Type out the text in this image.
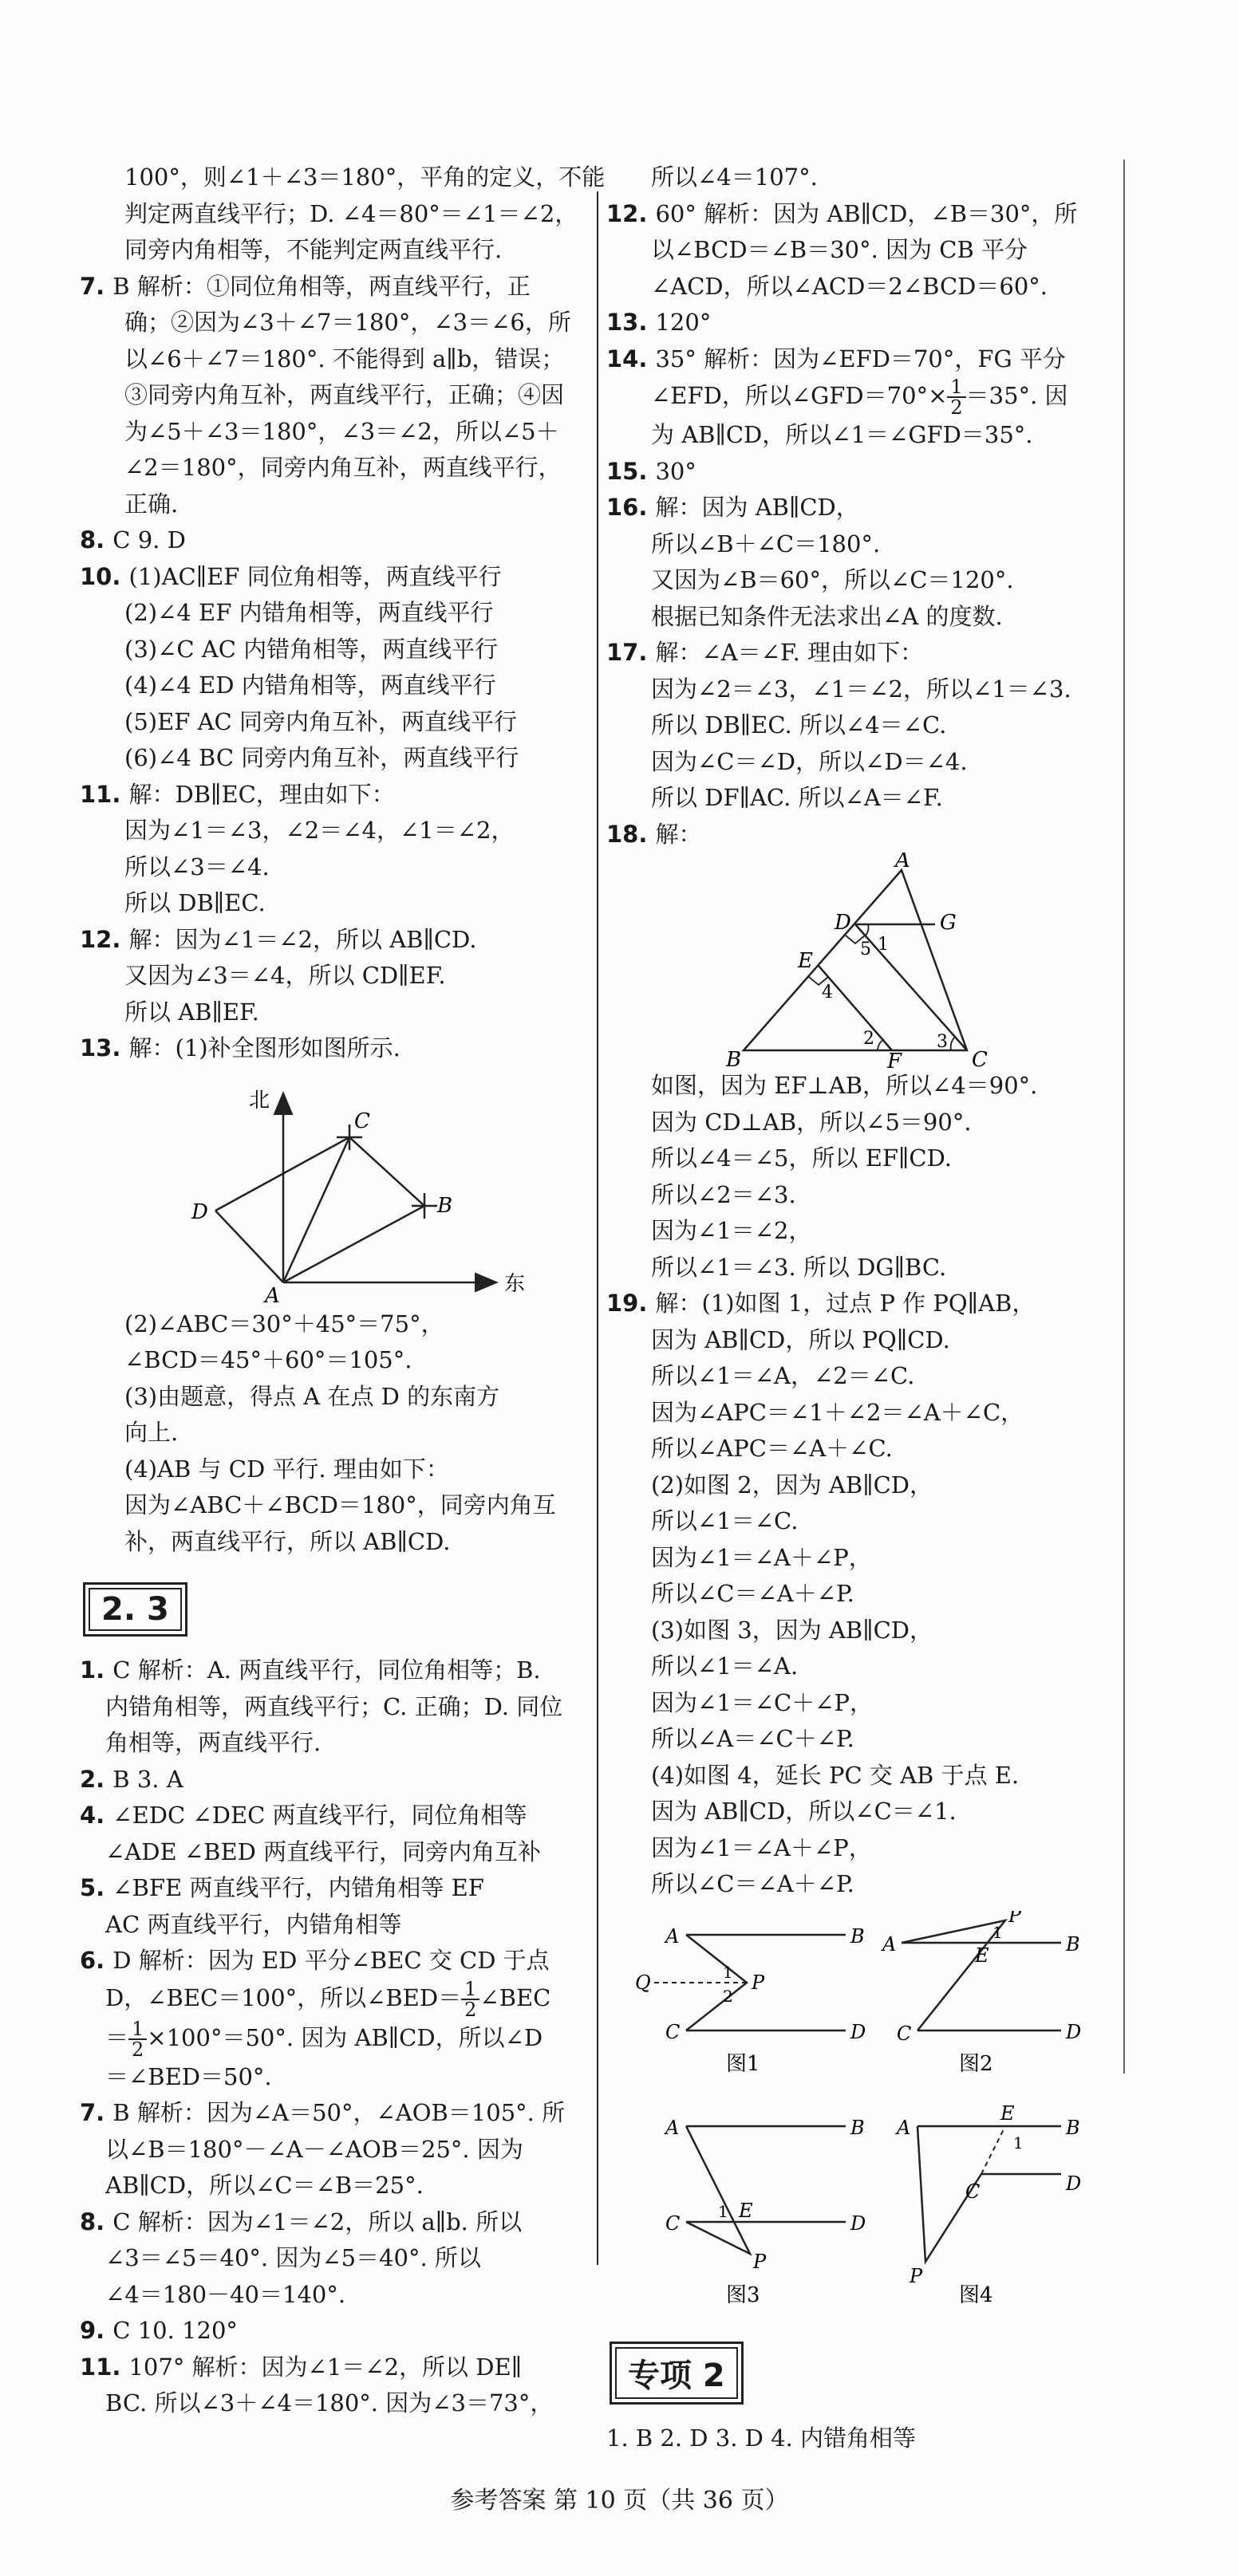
100°，则∠1＋∠3＝180°，平角的定义，不能
判定两直线平行；D. ∠4＝80°＝∠1＝∠2，
同旁内角相等，不能判定两直线平行.
7. B 解析：①同位角相等，两直线平行，正
确；②因为∠3＋∠7＝180°，∠3＝∠6，所
以∠6＋∠7＝180°. 不能得到 a∥b，错误；
③同旁内角互补，两直线平行，正确；④因
为∠5＋∠3＝180°，∠3＝∠2，所以∠5＋
∠2＝180°，同旁内角互补，两直线平行，
正确.
8. C 9. D
10. (1)AC∥EF 同位角相等，两直线平行
(2)∠4 EF 内错角相等，两直线平行
(3)∠C AC 内错角相等，两直线平行
(4)∠4 ED 内错角相等，两直线平行
(5)EF AC 同旁内角互补，两直线平行
(6)∠4 BC 同旁内角互补，两直线平行
11. 解：DB∥EC，理由如下：
因为∠1＝∠3，∠2＝∠4，∠1＝∠2，
所以∠3＝∠4.
所以 DB∥EC.
12. 解：因为∠1＝∠2，所以 AB∥CD.
又因为∠3＝∠4，所以 CD∥EF.
所以 AB∥EF.
13. 解：(1)补全图形如图所示.
北
东
A
B
C
D
(2)∠ABC＝30°＋45°＝75°，
∠BCD＝45°＋60°＝105°.
(3)由题意，得点 A 在点 D 的东南方
向上.
(4)AB 与 CD 平行. 理由如下：
因为∠ABC＋∠BCD＝180°，同旁内角互
补，两直线平行，所以 AB∥CD.
2. 3
1. C 解析：A. 两直线平行，同位角相等；B.
内错角相等，两直线平行；C. 正确；D. 同位
角相等，两直线平行.
2. B 3. A
4. ∠EDC ∠DEC 两直线平行，同位角相等
∠ADE ∠BED 两直线平行，同旁内角互补
5. ∠BFE 两直线平行，内错角相等 EF
AC 两直线平行，内错角相等
6. D 解析：因为 ED 平分∠BEC 交 CD 于点
D，∠BEC＝100°，所以∠BED＝ $\frac{1}{2}$ ∠BEC
＝ $\frac{1}{2} \times 100^\circ=50^\circ$. 因为 AB∥CD，所以∠D
＝∠BED＝50°.
7. B 解析：因为∠A＝50°，∠AOB＝105°. 所
以∠B＝180°－∠A－∠AOB＝25°. 因为
AB∥CD，所以∠C＝∠B＝25°.
8. C 解析：因为∠1＝∠2，所以 a∥b. 所以
∠3＝∠5＝40°. 因为∠5＝40°. 所以
∠4＝180－40＝140°.
9. C 10. 120°
11. 107° 解析：因为∠1＝∠2，所以 DE∥
BC. 所以∠3＋∠4＝180°. 因为∠3＝73°，
所以∠4＝107°.
12. 60° 解析：因为 AB∥CD，∠B＝30°，所
以∠BCD＝∠B＝30°. 因为 CB 平分
∠ACD，所以∠ACD＝2∠BCD＝60°.
13. 120°
14. 35° 解析：因为∠EFD＝70°，FG 平分
∠EFD，所以∠GFD＝70°× $\frac{1}{2} =35^\circ$. 因
为 AB∥CD，所以∠1＝∠GFD＝35°.
15. 30°
16. 解：因为 AB∥CD，
所以∠B＋∠C＝180°.
又因为∠B＝60°，所以∠C＝120°.
根据已知条件无法求出∠A 的度数.
17. 解：∠A＝∠F. 理由如下：
因为∠2＝∠3，∠1＝∠2，所以∠1＝∠3.
所以 DB∥EC. 所以∠4＝∠C.
因为∠C＝∠D，所以∠D＝∠4.
所以 DF∥AC. 所以∠A＝∠F.
18. 解：
A
B	C
D
E
F
G
1
2	3
4
5
如图，因为 EF⊥AB，所以∠4＝90°.
因为 CD⊥AB，所以∠5＝90°.
所以∠4＝∠5，所以 EF∥CD.
所以∠2＝∠3.
因为∠1＝∠2，
所以∠1＝∠3. 所以 DG∥BC.
19. 解：(1)如图 1，过点 P 作 PQ∥AB，
因为 AB∥CD，所以 PQ∥CD.
所以∠1＝∠A，∠2＝∠C.
因为∠APC＝∠1＋∠2＝∠A＋∠C，
所以∠APC＝∠A＋∠C.
(2)如图 2，因为 AB∥CD，
所以∠1＝∠C.
因为∠1＝∠A＋∠P，
所以∠C＝∠A＋∠P.
(3)如图 3，因为 AB∥CD，
所以∠1＝∠A.
因为∠1＝∠C＋∠P，
所以∠A＝∠C＋∠P.
(4)如图 4，延长 PC 交 AB 于点 E.
因为 AB∥CD，所以∠C＝∠1.
因为∠1＝∠A＋∠P，
所以∠C＝∠A＋∠P.
A	B
C	D
P
Q	1
2
图1
A	B
C	D
P
E
1
图2
A	B
C	D
P
E
1
图3
A	B
C	D
P
E
1
图4
专项 2
1. B 2. D 3. D 4. 内错角相等
参考答案 第 10 页（共 36 页）
